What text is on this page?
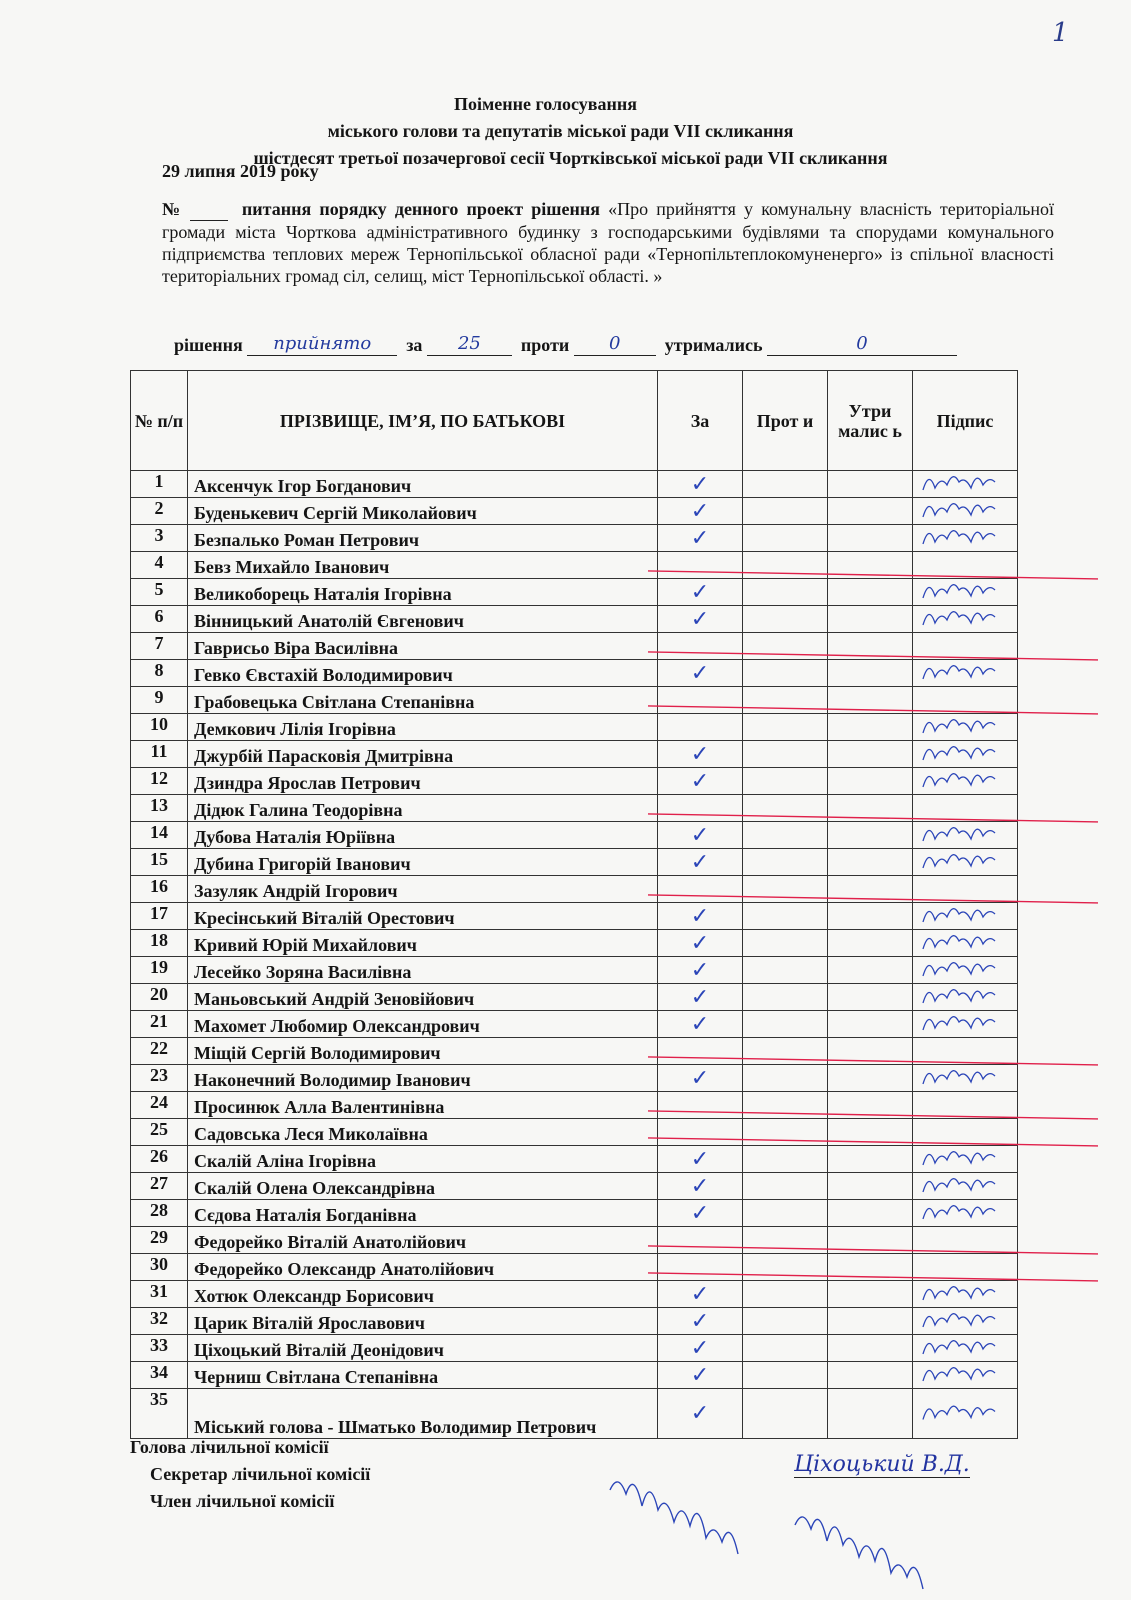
1
Поіменне голосування
міського голови та депутатів міської ради VII скликання
шістдесят третьої позачергової сесії Чортківської міської ради VII скликання
29 липня 2019 року
№	питання порядку денного проект рішення «Про прийняття у комунальну власність територіальної громади міста Чорткова адміністративного будинку з господарськими будівлями та спорудами комунального підприємства теплових мереж Тернопільської обласної ради «Тернопільтеплокомуненерго» із спільної власності територіальних громад сіл, селищ, міст Тернопільської області. »
рішення прийнято за 25 проти 0 утримались	0
№ п/п	ПРІЗВИЩЕ, ІМ’Я, ПО БАТЬКОВІ	За	Прот и	Утри малис ь	Підпис
1	Аксенчук Ігор Богданович	✓			
2	Буденькевич Сергій Миколайович	✓			
3	Безпалько Роман Петрович	✓			
4	Бевз Михайло Іванович				
5	Великоборець Наталія Ігорівна	✓			
6	Вінницький Анатолій Євгенович	✓			
7	Гаврисьо Віра Василівна				
8	Гевко Євстахій Володимирович	✓			
9	Грабовецька Світлана Степанівна				
10	Демкович Лілія Ігорівна				
11	Джурбій Парасковія Дмитрівна	✓			
12	Дзиндра Ярослав Петрович	✓			
13	Дідюк Галина Теодорівна				
14	Дубова Наталія Юріївна	✓			
15	Дубина Григорій Іванович	✓			
16	Зазуляк Андрій Ігорович				
17	Кресінський Віталій Орестович	✓			
18	Кривий Юрій Михайлович	✓			
19	Лесейко Зоряна Василівна	✓			
20	Маньовський Андрій Зеновійович	✓			
21	Махомет Любомир Олександрович	✓			
22	Міщій Сергій Володимирович				
23	Наконечний Володимир Іванович	✓			
24	Просинюк Алла Валентинівна				
25	Садовська Леся Миколаївна				
26	Скалій Аліна Ігорівна	✓			
27	Скалій Олена Олександрівна	✓			
28	Сєдова Наталія Богданівна	✓			
29	Федорейко Віталій Анатолійович				
30	Федорейко Олександр Анатолійович				
31	Хотюк Олександр Борисович	✓			
32	Царик Віталій Ярославович	✓			
33	Ціхоцький Віталій Деонідович	✓			
34	Черниш Світлана Степанівна	✓			
35	Міський голова - Шматько Володимир Петрович	✓			
Голова лічильної комісії
Секретар лічильної комісії
Член лічильної комісії
Ціхоцький В.Д.
